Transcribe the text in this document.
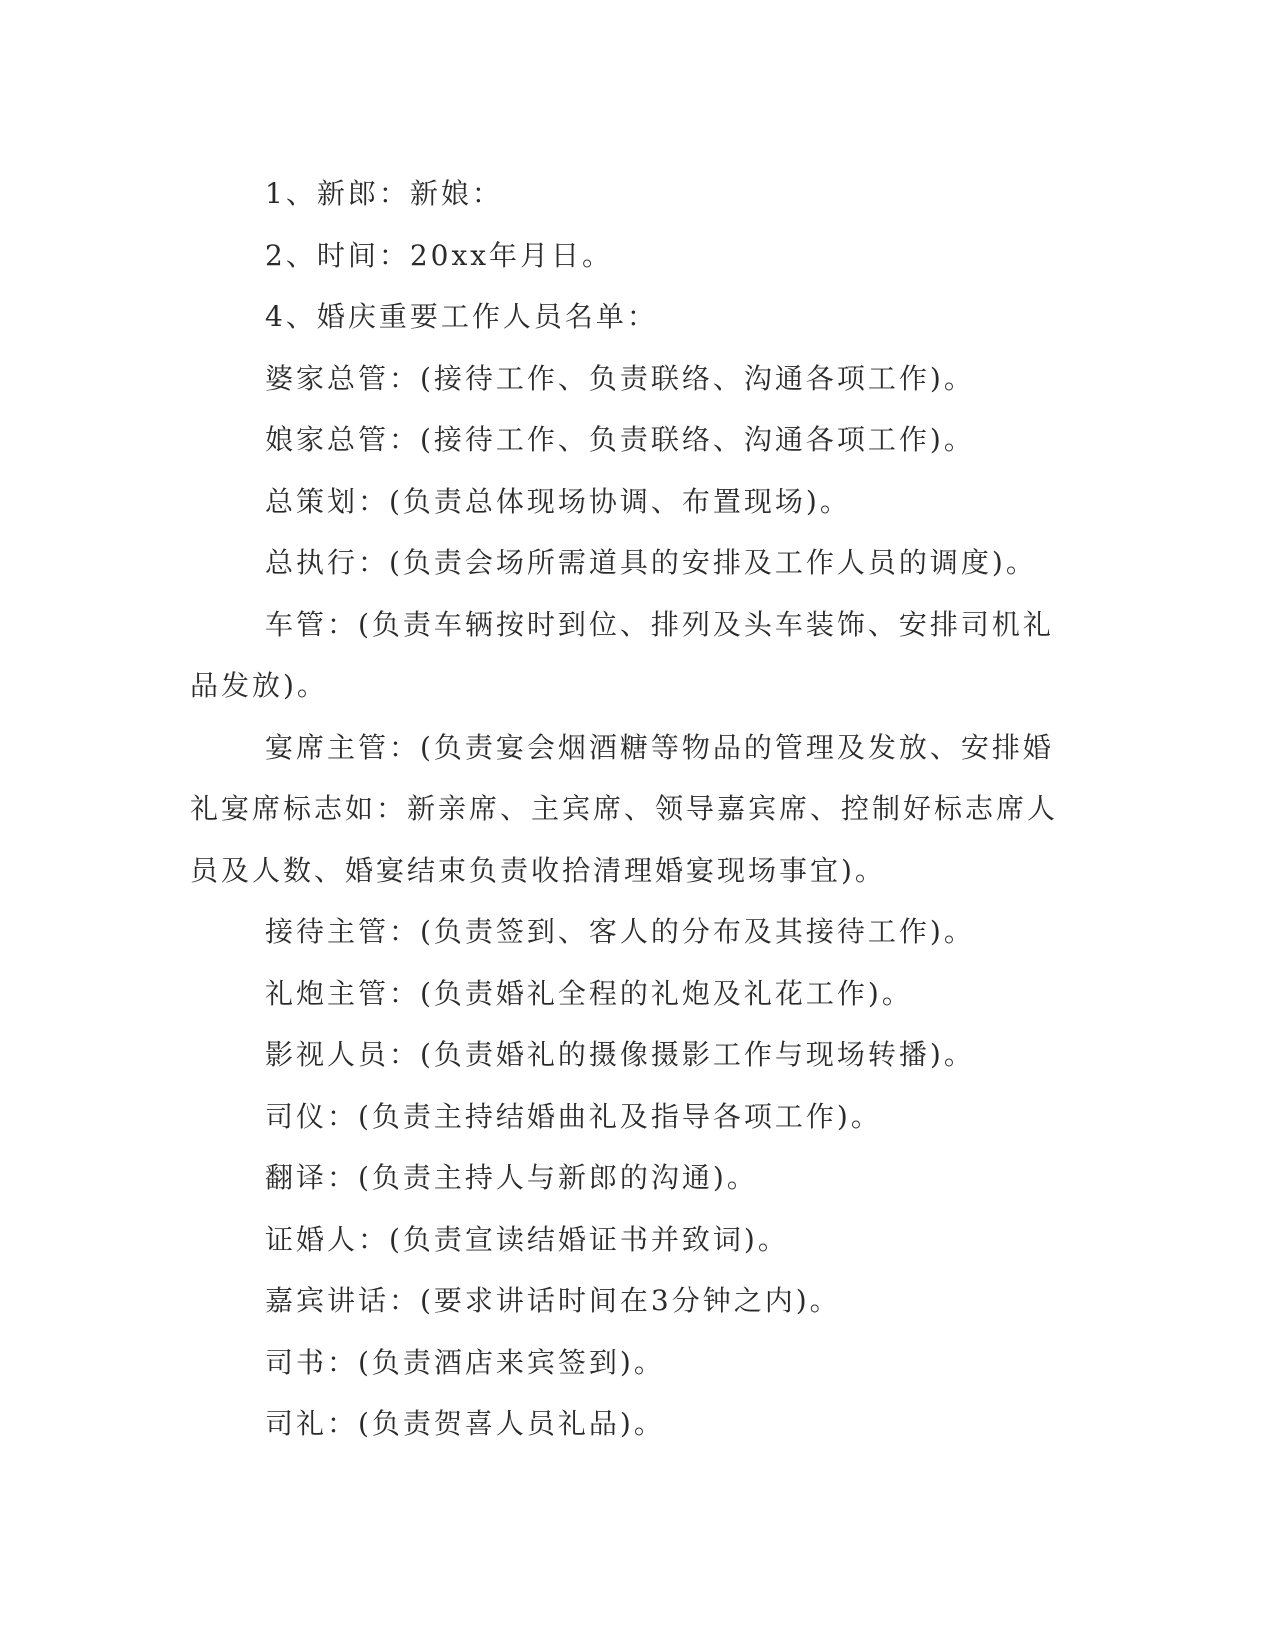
1、新郎：新娘：

2、时间：20xx年月日。

4、婚庆重要工作人员名单：

婆家总管：(接待工作、负责联络、沟通各项工作)。

娘家总管：(接待工作、负责联络、沟通各项工作)。

总策划：(负责总体现场协调、布置现场)。

总执行：(负责会场所需道具的安排及工作人员的调度)。

车管：(负责车辆按时到位、排列及头车装饰、安排司机礼品发放)。

宴席主管：(负责宴会烟酒糖等物品的管理及发放、安排婚礼宴席标志如：新亲席、主宾席、领导嘉宾席、控制好标志席人员及人数、婚宴结束负责收拾清理婚宴现场事宜)。

接待主管：(负责签到、客人的分布及其接待工作)。

礼炮主管：(负责婚礼全程的礼炮及礼花工作)。

影视人员：(负责婚礼的摄像摄影工作与现场转播)。

司仪：(负责主持结婚曲礼及指导各项工作)。

翻译：(负责主持人与新郎的沟通)。

证婚人：(负责宣读结婚证书并致词)。

嘉宾讲话：(要求讲话时间在3分钟之内)。

司书：(负责酒店来宾签到)。

司礼：(负责贺喜人员礼品)。
